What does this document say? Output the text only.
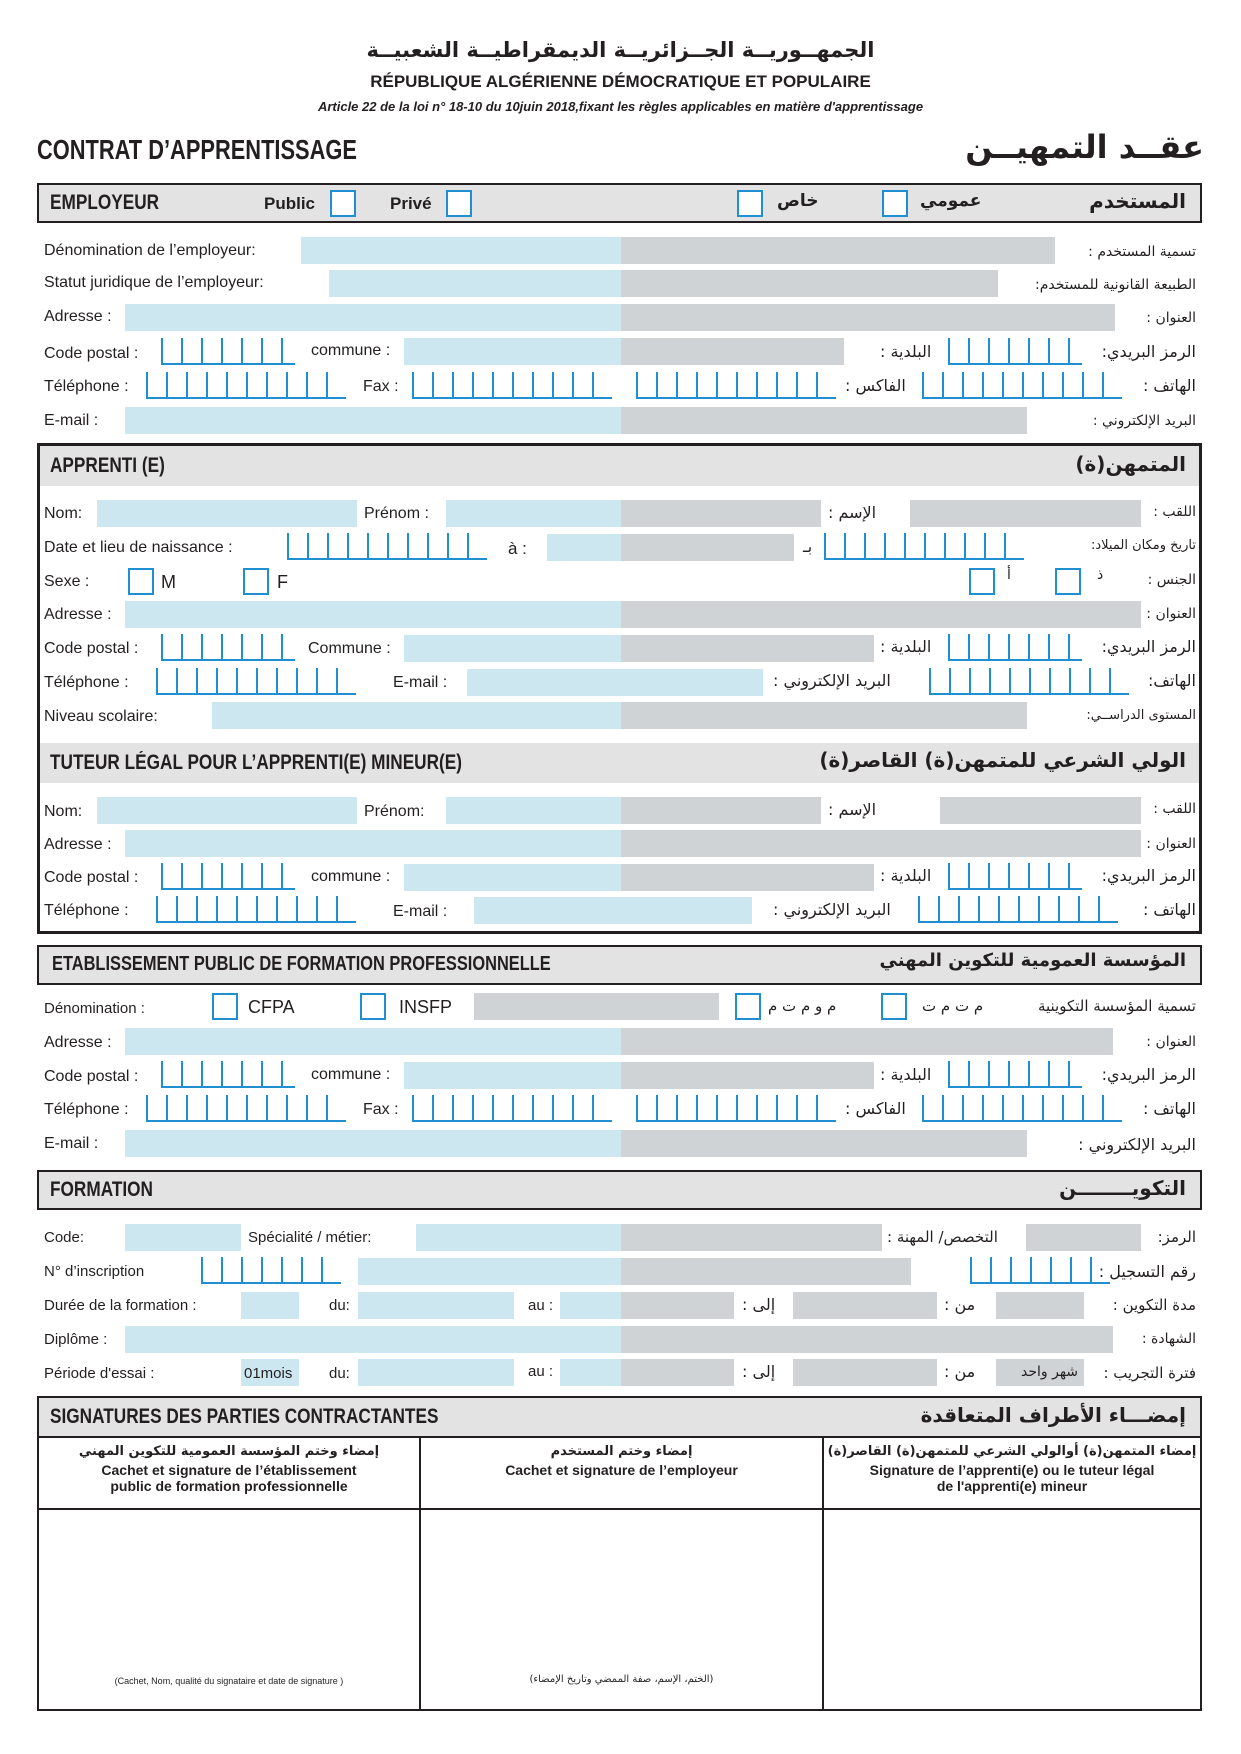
الجمهــوريــة الجــزائريــة الديمقراطيــة الشعبيــة
RÉPUBLIQUE ALGÉRIENNE DÉMOCRATIQUE ET POPULAIRE
Article 22 de la loi n° 18-10 du 10juin 2018,fixant les règles applicables en matière d'apprentissage
CONTRAT D’APPRENTISSAGE	عقــد التمهيــن
EMPLOYEUR	Public	Privé	خاص	عمومي	المستخدم
Dénomination de l’employeur:	تسمية المستخدم :
Statut juridique de l’employeur:	الطبيعة القانونية للمستخدم:
Adresse :	العنوان :
Code postal :	commune :	البلدية :	الرمز البريدي:
Téléphone :	Fax :	الفاكس :	الهاتف :
E-mail :	البريد الإلكتروني :
APPRENTI (E)	المتمهن(ة)
Nom:	Prénom :	الإسم :	اللقب :
Date et lieu de naissance :	à :	بـ	تاريخ ومكان الميلاد:
Sexe :	M	F	أ	ذ	الجنس :
Adresse :	العنوان :
Code postal :	Commune :	البلدية :	الرمز البريدي:
Téléphone :	E-mail :	البريد الإلكتروني :	الهاتف:
Niveau scolaire:	المستوى الدراســي:
TUTEUR LÉGAL POUR L’APPRENTI(E) MINEUR(E)	الولي الشرعي للمتمهن(ة) القاصر(ة)
Nom:	Prénom:	الإسم :	اللقب :
Adresse :	العنوان :
Code postal :	commune :	البلدية :	الرمز البريدي:
Téléphone :	E-mail :	البريد الإلكتروني :	الهاتف :
ETABLISSEMENT PUBLIC DE FORMATION PROFESSIONNELLE	المؤسسة العمومية للتكوين المهني
Dénomination :	CFPA	INSFP	م و م ت م	م ت م ت	تسمية المؤسسة التكوينية
Adresse :	العنوان :
Code postal :	commune :	البلدية :	الرمز البريدي:
Téléphone :	Fax :	الفاكس :	الهاتف :
E-mail :	البريد الإلكتروني :
FORMATION	التكويــــــــن
Code:	Spécialité / métier:	التخصص/ المهنة :	الرمز:
N° d’inscription	رقم التسجيل :
Durée de la formation :	du:	au :	إلى :	من :	مدة التكوين :
Diplôme :	الشهادة :
Période d'essai :	01mois	du:	au :	إلى :	من :	شهر واحد	فترة التجريب :
SIGNATURES DES PARTIES CONTRACTANTES	إمضـــاء الأطراف المتعاقدة
إمضاء وختم المؤسسة العمومية للتكوين المهني
Cachet et signature de l’établissement public de formation professionnelle
إمضاء وختم المستخدم
Cachet et signature de l’employeur
إمضاء المتمهن(ة) أوالولي الشرعي للمتمهن(ة) القاصر(ة)
Signature de l’apprenti(e) ou le tuteur légal de l'apprenti(e) mineur
(Cachet, Nom, qualité du signataire et date de signature )	(الختم، الإسم، صفة الممضي وتاريخ الإمضاء)
